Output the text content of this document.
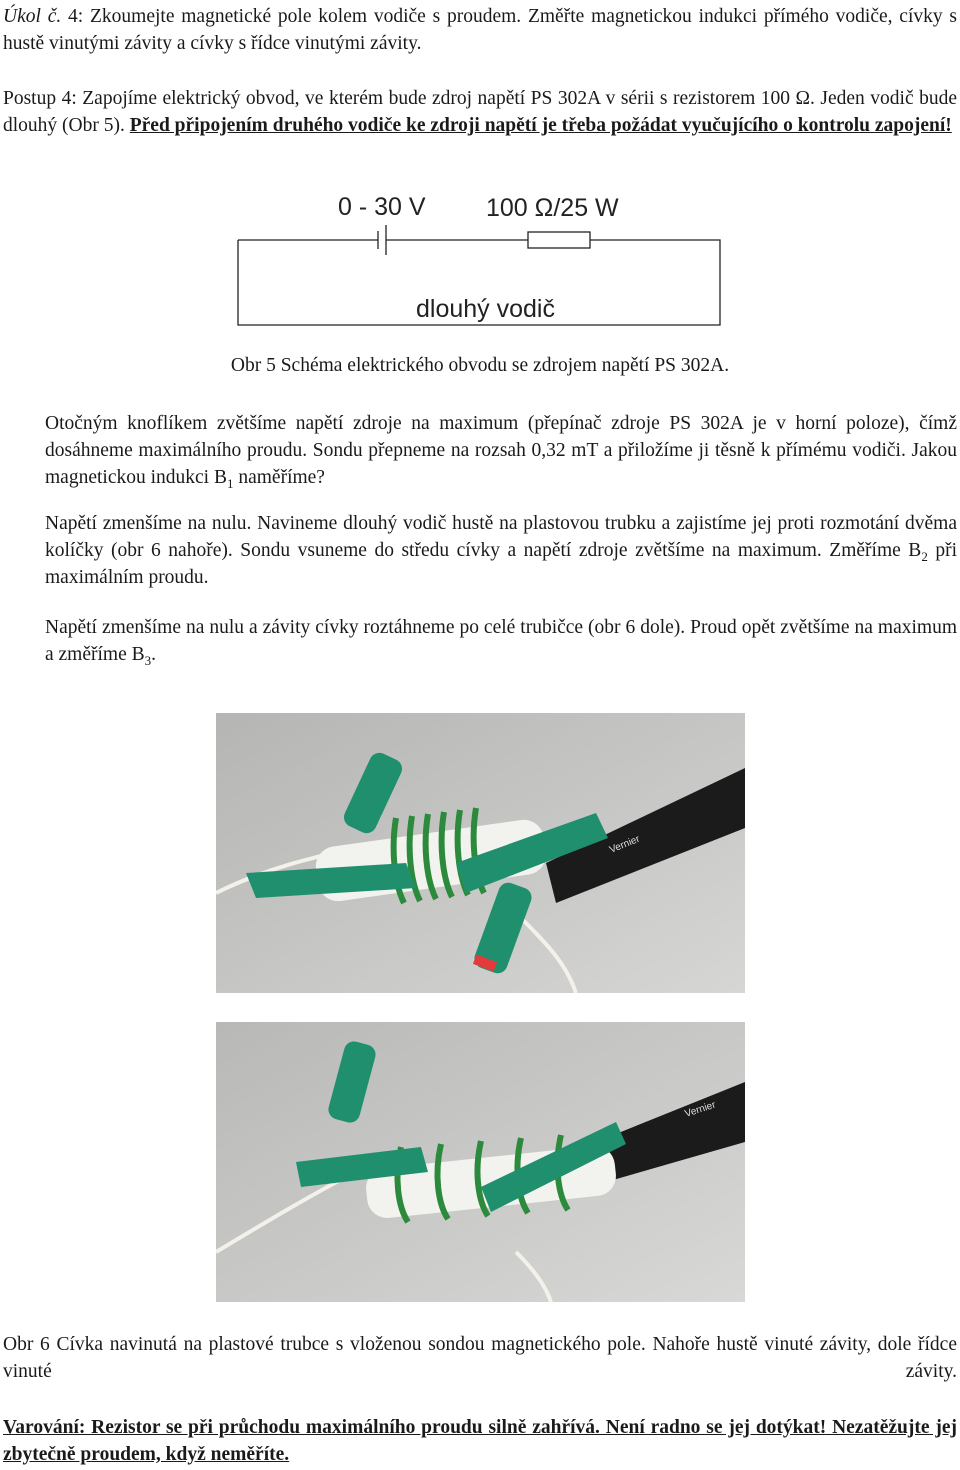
Úkol č. 4: Zkoumejte magnetické pole kolem vodiče s proudem. Změřte magnetickou indukci přímého vodiče, cívky s hustě vinutými závity a cívky s řídce vinutými závity.
Postup 4: Zapojíme elektrický obvod, ve kterém bude zdroj napětí PS 302A v sérii s rezistorem 100 Ω. Jeden vodič bude dlouhý (Obr 5). Před připojením druhého vodiče ke zdroji napětí je třeba požádat vyučujícího o kontrolu zapojení!
0 - 30 V 100 Ω/25 W
dlouhý vodič
Obr 5 Schéma elektrického obvodu se zdrojem napětí PS 302A.
Otočným knoflíkem zvětšíme napětí zdroje na maximum (přepínač zdroje PS 302A je v horní poloze), čímž dosáhneme maximálního proudu. Sondu přepneme na rozsah 0,32 mT a přiložíme ji těsně k přímému vodiči. Jakou magnetickou indukci $B_1$ naměříme?
Napětí zmenšíme na nulu. Navineme dlouhý vodič hustě na plastovou trubku a zajistíme jej proti rozmotání dvěma kolíčky (obr 6 nahoře). Sondu vsuneme do středu cívky a napětí zdroje zvětšíme na maximum. Změříme $B_2$ při maximálním proudu.
Napětí zmenšíme na nulu a závity cívky roztáhneme po celé trubičce (obr 6 dole). Proud opět zvětšíme na maximum a změříme $B_3$.
Vernier
Vernier
Obr 6 Cívka navinutá na plastové trubce s vloženou sondou magnetického pole. Nahoře hustě vinuté závity, dole řídce vinuté závity.
Varování: Rezistor se při průchodu maximálního proudu silně zahřívá. Není radno se jej dotýkat! Nezatěžujte jej zbytečně proudem, když neměříte.
